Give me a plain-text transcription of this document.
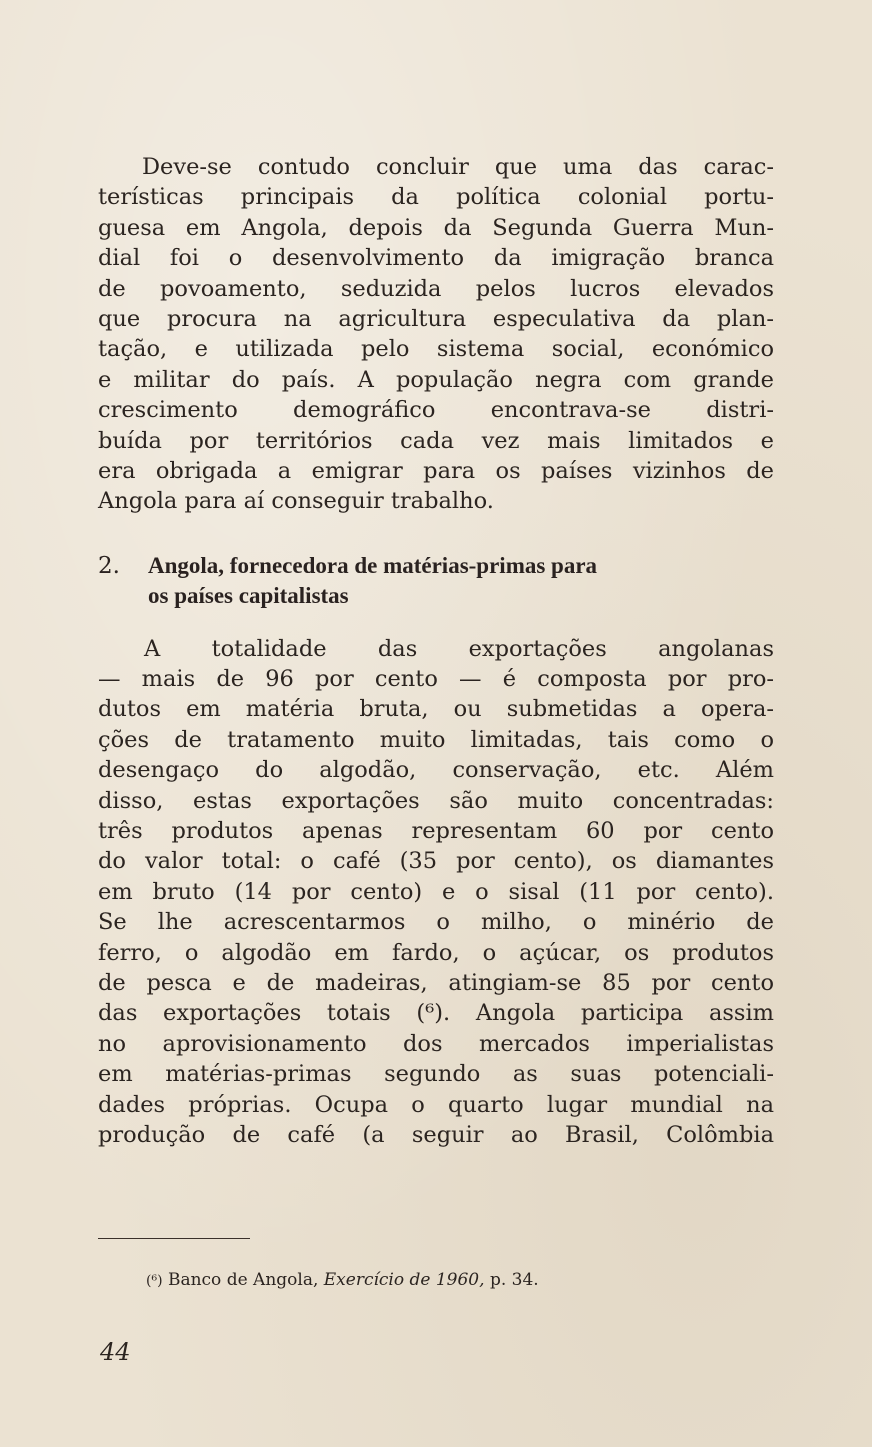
Deve-se contudo concluir que uma das carac-
terísticas principais da política colonial portu-
guesa em Angola, depois da Segunda Guerra Mun-
dial foi o desenvolvimento da imigração branca
de povoamento, seduzida pelos lucros elevados
que procura na agricultura especulativa da plan-
tação, e utilizada pelo sistema social, económico
e militar do país. A população negra com grande
crescimento demográfico encontrava-se distri-
buída por territórios cada vez mais limitados e
era obrigada a emigrar para os países vizinhos de
Angola para aí conseguir trabalho.
2. Angola, fornecedora de matérias-primas para
os países capitalistas
A totalidade das exportações angolanas
— mais de 96 por cento — é composta por pro-
dutos em matéria bruta, ou submetidas a opera-
ções de tratamento muito limitadas, tais como o
desengaço do algodão, conservação, etc. Além
disso, estas exportações são muito concentradas:
três produtos apenas representam 60 por cento
do valor total: o café (35 por cento), os diamantes
em bruto (14 por cento) e o sisal (11 por cento).
Se lhe acrescentarmos o milho, o minério de
ferro, o algodão em fardo, o açúcar, os produtos
de pesca e de madeiras, atingiam-se 85 por cento
das exportações totais (⁶). Angola participa assim
no aprovisionamento dos mercados imperialistas
em matérias-primas segundo as suas potenciali-
dades próprias. Ocupa o quarto lugar mundial na
produção de café (a seguir ao Brasil, Colômbia
(⁶) Banco de Angola, Exercício de 1960, p. 34.
44
